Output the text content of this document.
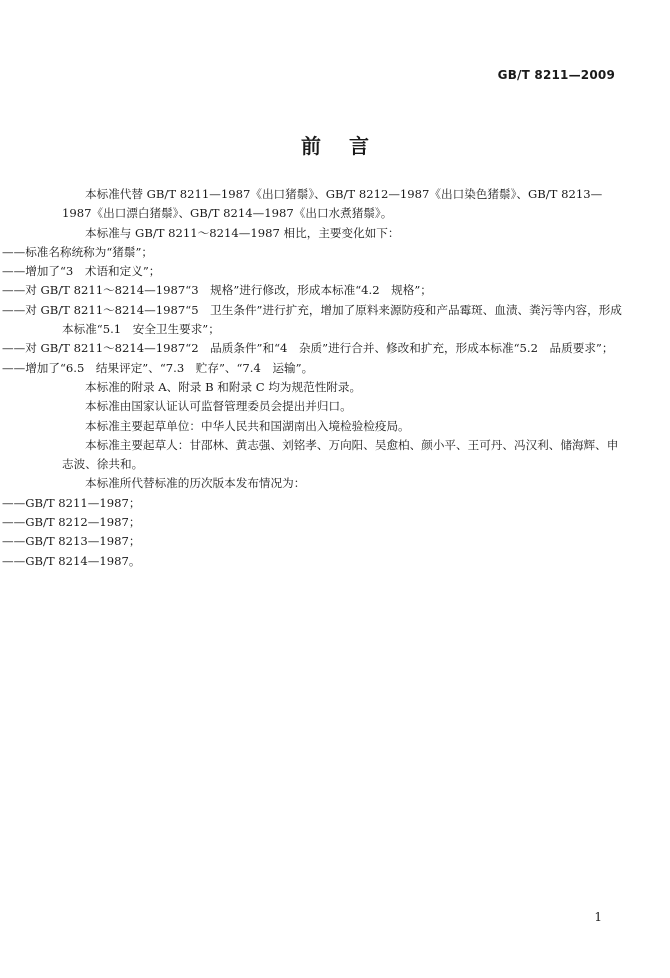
GB/T 8211—2009
前言

本标准代替 GB/T 8211—1987《出口猪鬃》、GB/T 8212—1987《出口染色猪鬃》、GB/T 8213—1987《出口漂白猪鬃》、GB/T 8214—1987《出口水煮猪鬃》。

本标准与 GB/T 8211～8214—1987 相比，主要变化如下：

——标准名称统称为“猪鬃”；

——增加了“3　术语和定义”；

——对 GB/T 8211～8214—1987“3　规格”进行修改，形成本标准“4.2　规格”；

——对 GB/T 8211～8214—1987“5　卫生条件”进行扩充，增加了原料来源防疫和产品霉斑、血渍、粪污等内容，形成本标准“5.1　安全卫生要求”；

——对 GB/T 8211～8214—1987“2　品质条件”和“4　杂质”进行合并、修改和扩充，形成本标准“5.2　品质要求”；

——增加了“6.5　结果评定”、“7.3　贮存”、“7.4　运输”。

本标准的附录 A、附录 B 和附录 C 均为规范性附录。

本标准由国家认证认可监督管理委员会提出并归口。

本标准主要起草单位：中华人民共和国湖南出入境检验检疫局。

本标准主要起草人：甘邵林、黄志强、刘铭孝、万向阳、吴愈柏、颜小平、王可丹、冯汉利、储海辉、申志波、徐共和。

本标准所代替标准的历次版本发布情况为：

——GB/T 8211—1987；

——GB/T 8212—1987；

——GB/T 8213—1987；

——GB/T 8214—1987。

1
